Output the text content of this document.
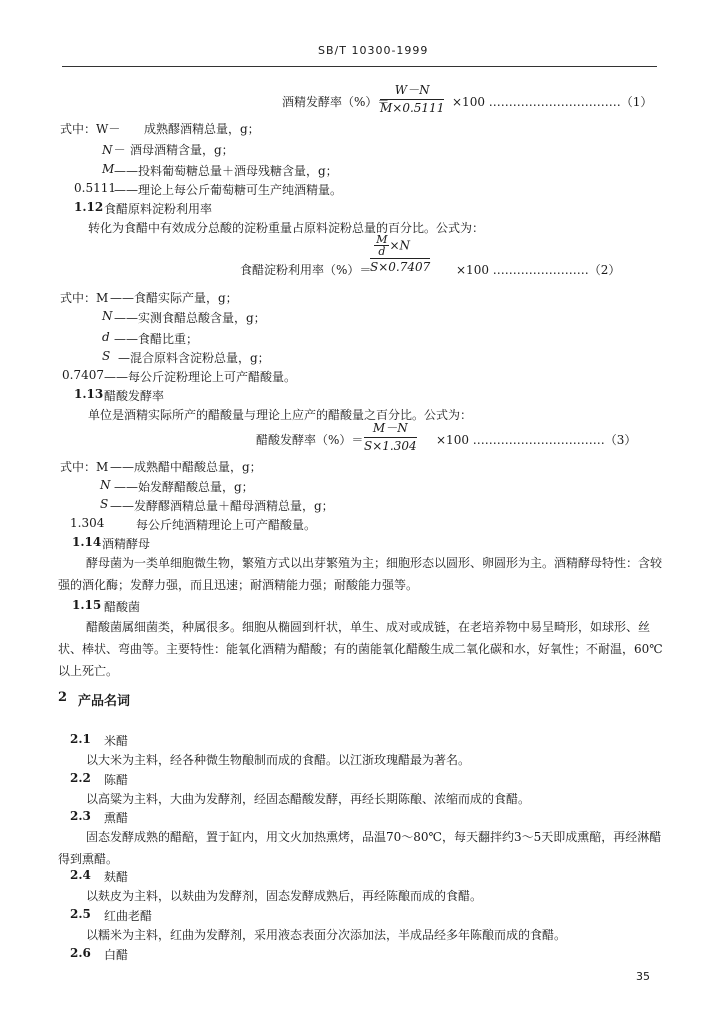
SB/T 10300-1999
酒精发酵率（%）＝
$\frac{W-N}{M\times 0.5111} \times 100$ ……………………………（1）
式中：W－ 成熟醪酒精总量，g；
N－ 酒母酒精含量，g；
M ——投料葡萄糖总量＋酒母残糖含量，g；
0.5111
——理论上每公斤葡萄糖可生产纯酒精量。
1.12 食醋原料淀粉利用率
转化为食醋中有效成分总酸的淀粉重量占原料淀粉总量的百分比。公式为：
食醋淀粉利用率（%）＝
$\frac{\frac{M}{d} \times N}{S\times 0.7407} \times 100$ ……………………（2）
式中：M ——食醋实际产量，g；
N ——实测食醋总酸含量，g；
d ——食醋比重；
S —混合原料含淀粉总量，g；
0.7407 ——每公斤淀粉理论上可产醋酸量。
1.13 醋酸发酵率
单位是酒精实际所产的醋酸量与理论上应产的醋酸量之百分比。公式为：
醋酸发酵率（%）＝ $\frac{M-N}{S\times 1.304} \times 100$ ……………………………（3）
式中：M ——成熟醋中醋酸总量，g；
N ——始发酵醋酸总量，g；
S ——发酵醪酒精总量＋醋母酒精总量，g；
1.304	每公斤纯酒精理论上可产醋酸量。
1.14 酒精酵母
酵母菌为一类单细胞微生物，繁殖方式以出芽繁殖为主；细胞形态以圆形、卵圆形为主。酒精酵母特性：含较强的酒化酶；发酵力强，而且迅速；耐酒精能力强；耐酸能力强等。
1.15 醋酸菌
醋酸菌属细菌类，种属很多。细胞从椭圆到杆状，单生、成对或成链，在老培养物中易呈畸形，如球形、丝状、棒状、弯曲等。主要特性：能氧化酒精为醋酸；有的菌能氧化醋酸生成二氧化碳和水，好氧性；不耐温，60℃以上死亡。
2 产品名词
2.1 米醋
以大米为主料，经各种微生物酿制而成的食醋。以江浙玫瑰醋最为著名。
2.2 陈醋
以高粱为主料，大曲为发酵剂，经固态醋酸发酵，再经长期陈酿、浓缩而成的食醋。
2.3 熏醋
固态发酵成熟的醋醅，置于缸内，用文火加热熏烤，品温70～80℃，每天翻拌约3～5天即成熏醅，再经淋醋得到熏醋。
2.4 麸醋
以麸皮为主料，以麸曲为发酵剂，固态发酵成熟后，再经陈酿而成的食醋。
2.5 红曲老醋
以糯米为主料，红曲为发酵剂，采用液态表面分次添加法，半成品经多年陈酿而成的食醋。
2.6 白醋
35
